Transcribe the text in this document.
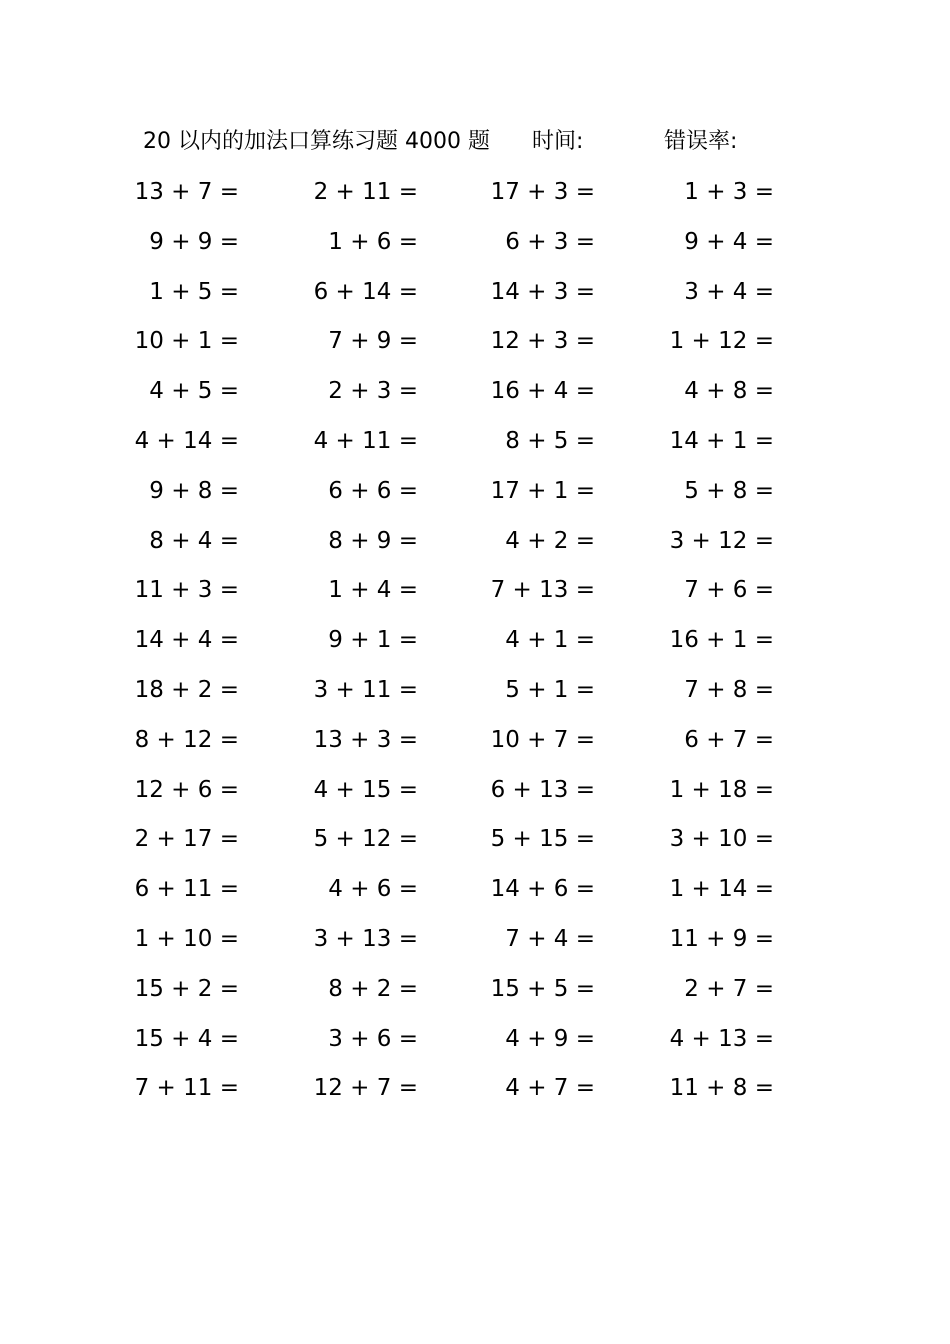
20 以内的加法口算练习题 4000 题 时间:	错误率:
13 + 7 =	2 + 11 =	17 + 3 =	1 + 3 =
9 + 9 =	1 + 6 =	6 + 3 =	9 + 4 =
1 + 5 =	6 + 14 =	14 + 3 =	3 + 4 =
10 + 1 =	7 + 9 =	12 + 3 =	1 + 12 =
4 + 5 =	2 + 3 =	16 + 4 =	4 + 8 =
4 + 14 =	4 + 11 =	8 + 5 =	14 + 1 =
9 + 8 =	6 + 6 =	17 + 1 =	5 + 8 =
8 + 4 =	8 + 9 =	4 + 2 =	3 + 12 =
11 + 3 =	1 + 4 =	7 + 13 =	7 + 6 =
14 + 4 =	9 + 1 =	4 + 1 =	16 + 1 =
18 + 2 =	3 + 11 =	5 + 1 =	7 + 8 =
8 + 12 =	13 + 3 =	10 + 7 =	6 + 7 =
12 + 6 =	4 + 15 =	6 + 13 =	1 + 18 =
2 + 17 =	5 + 12 =	5 + 15 =	3 + 10 =
6 + 11 =	4 + 6 =	14 + 6 =	1 + 14 =
1 + 10 =	3 + 13 =	7 + 4 =	11 + 9 =
15 + 2 =	8 + 2 =	15 + 5 =	2 + 7 =
15 + 4 =	3 + 6 =	4 + 9 =	4 + 13 =
7 + 11 =	12 + 7 =	4 + 7 =	11 + 8 =
